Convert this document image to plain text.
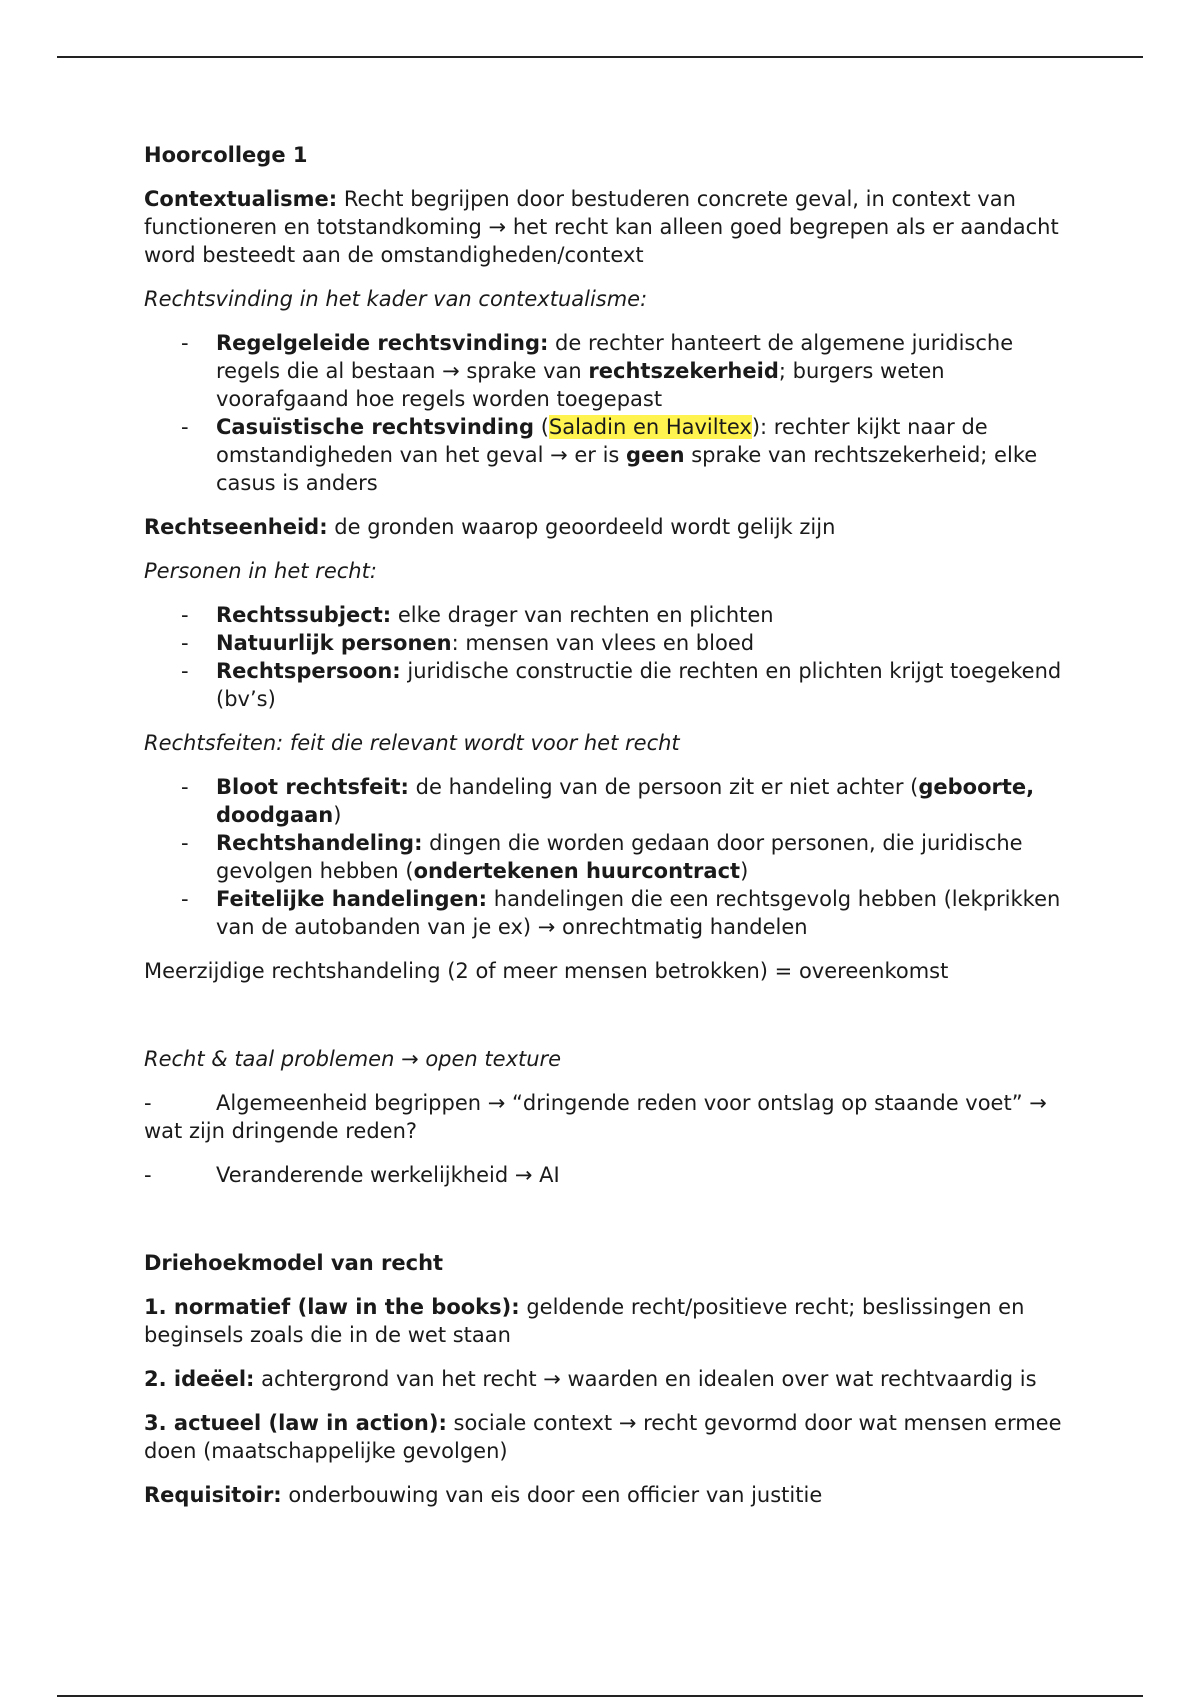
Hoorcollege 1

Contextualisme: Recht begrijpen door bestuderen concrete geval, in context van functioneren en totstandkoming → het recht kan alleen goed begrepen als er aandacht word besteedt aan de omstandigheden/context

Rechtsvinding in het kader van contextualisme:

- Regelgeleide rechtsvinding: de rechter hanteert de algemene juridische regels die al bestaan → sprake van rechtszekerheid; burgers weten voorafgaand hoe regels worden toegepast
- Casuïstische rechtsvinding (Saladin en Haviltex): rechter kijkt naar de omstandigheden van het geval → er is geen sprake van rechtszekerheid; elke casus is anders

Rechtseenheid: de gronden waarop geoordeeld wordt gelijk zijn

Personen in het recht:

- Rechtssubject: elke drager van rechten en plichten
- Natuurlijk personen: mensen van vlees en bloed
- Rechtspersoon: juridische constructie die rechten en plichten krijgt toegekend (bv’s)

Rechtsfeiten: feit die relevant wordt voor het recht

- Bloot rechtsfeit: de handeling van de persoon zit er niet achter (geboorte, doodgaan)
- Rechtshandeling: dingen die worden gedaan door personen, die juridische gevolgen hebben (ondertekenen huurcontract)
- Feitelijke handelingen: handelingen die een rechtsgevolg hebben (lekprikken van de autobanden van je ex) → onrechtmatig handelen

Meerzijdige rechtshandeling (2 of meer mensen betrokken) = overeenkomst

Recht & taal problemen → open texture

-	Algemeenheid begrippen → “dringende reden voor ontslag op staande voet” → wat zijn dringende reden?

-	Veranderende werkelijkheid → AI

Driehoekmodel van recht

1. normatief (law in the books): geldende recht/positieve recht; beslissingen en beginsels zoals die in de wet staan

2. ideëel: achtergrond van het recht → waarden en idealen over wat rechtvaardig is

3. actueel (law in action): sociale context → recht gevormd door wat mensen ermee doen (maatschappelijke gevolgen)

Requisitoir: onderbouwing van eis door een officier van justitie
